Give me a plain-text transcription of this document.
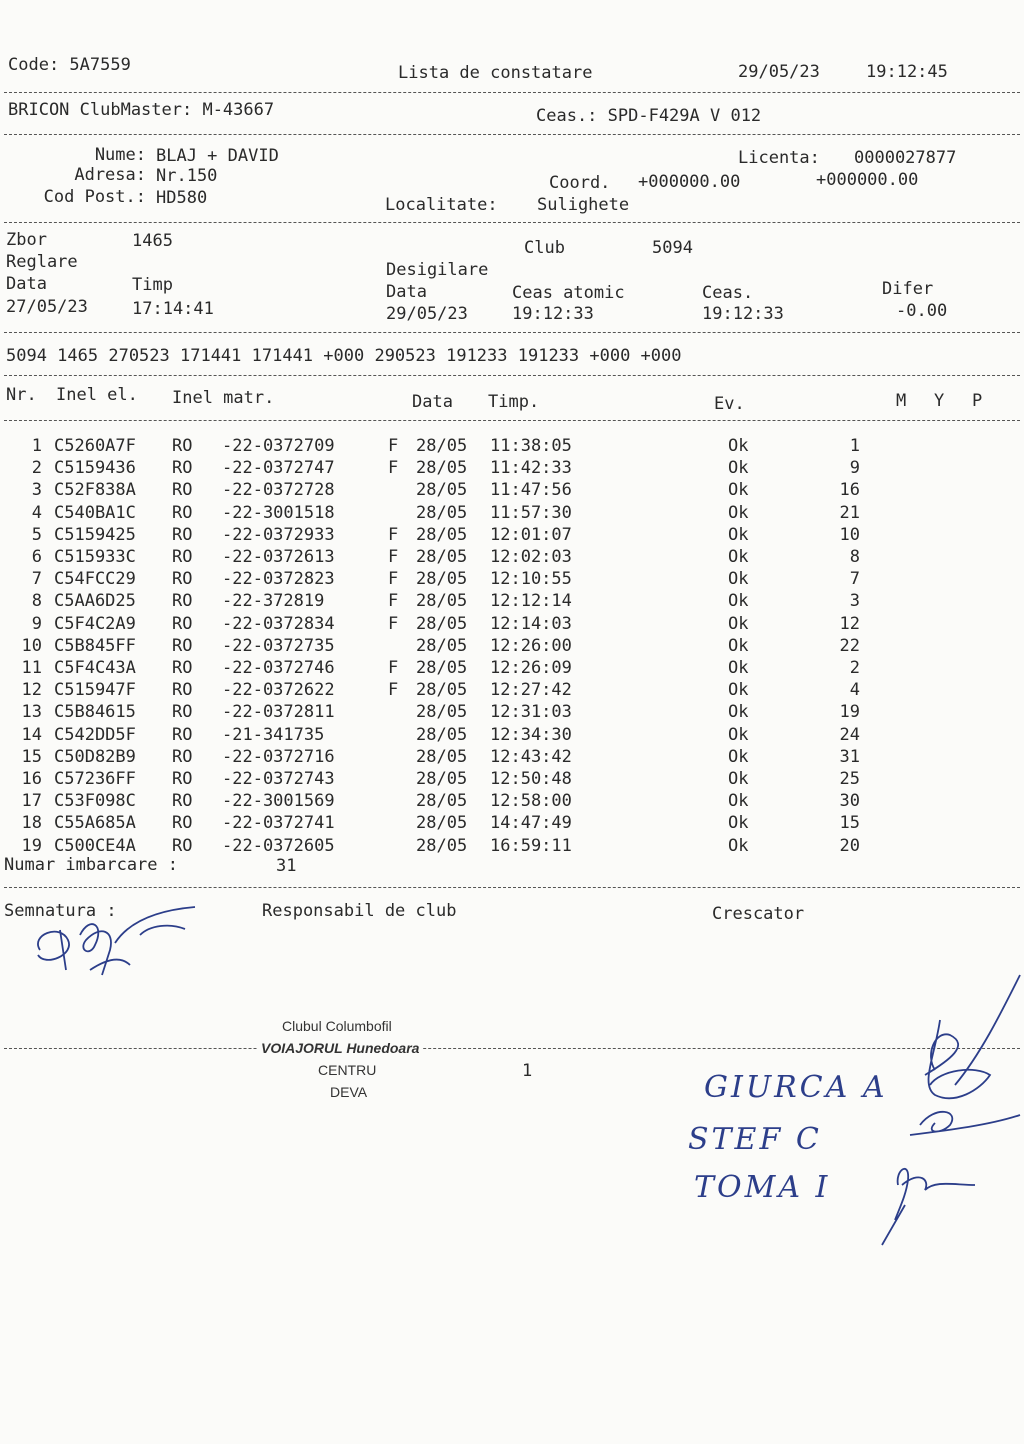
Code: 5A7559	Lista de constatare	29/05/23	19:12:45
BRICON ClubMaster: M-43667	Ceas.: SPD-F429A V 012
Nume: BLAJ + DAVID
Adresa: Nr.150
Cod Post.: HD580
Licenta: 0000027877
Coord. +000000.00	+000000.00
Localitate: Sulighete
Zbor	1465	Club	5094
Reglare	Desigilare
Data	Timp	Data	Ceas atomic	Ceas.	Difer
27/05/23	17:14:41	29/05/23	19:12:33	19:12:33	-0.00
5094 1465 270523 171441 171441 +000 290523 191233 191233 +000 +000
Nr. Inel el. Inel matr.	Data Timp.	Ev.	M Y P
1 C5260A7F RO -22-0372709	F 28/05 11:38:05	Ok	1
2 C5159436 RO -22-0372747	F 28/05 11:42:33	Ok	9
3 C52F838A RO -22-0372728	28/05 11:47:56	Ok	16
4 C540BA1C RO -22-3001518	28/05 11:57:30	Ok	21
5 C5159425 RO -22-0372933	F 28/05 12:01:07	Ok	10
6 C515933C RO -22-0372613	F 28/05 12:02:03	Ok	8
7 C54FCC29 RO -22-0372823	F 28/05 12:10:55	Ok	7
8 C5AA6D25 RO -22-372819	F 28/05 12:12:14	Ok	3
9 C5F4C2A9 RO -22-0372834	F 28/05 12:14:03	Ok	12
10 C5B845FF RO -22-0372735	28/05 12:26:00	Ok	22
11 C5F4C43A RO -22-0372746	F 28/05 12:26:09	Ok	2
12 C515947F RO -22-0372622	F 28/05 12:27:42	Ok	4
13 C5B84615 RO -22-0372811	28/05 12:31:03	Ok	19
14 C542DD5F RO -21-341735	28/05 12:34:30	Ok	24
15 C50D82B9 RO -22-0372716	28/05 12:43:42	Ok	31
16 C57236FF RO -22-0372743	28/05 12:50:48	Ok	25
17 C53F098C RO -22-3001569	28/05 12:58:00	Ok	30
18 C55A685A RO -22-0372741	28/05 14:47:49	Ok	15
19 C500CE4A RO -22-0372605	28/05 16:59:11	Ok	20
Numar imbarcare :	31
Semnatura :	Responsabil de club	Crescator
Clubul Columbofil
VOIAJORUL Hunedoara
CENTRU
DEVA
1	GIURCA A
STEF C
TOMA I
